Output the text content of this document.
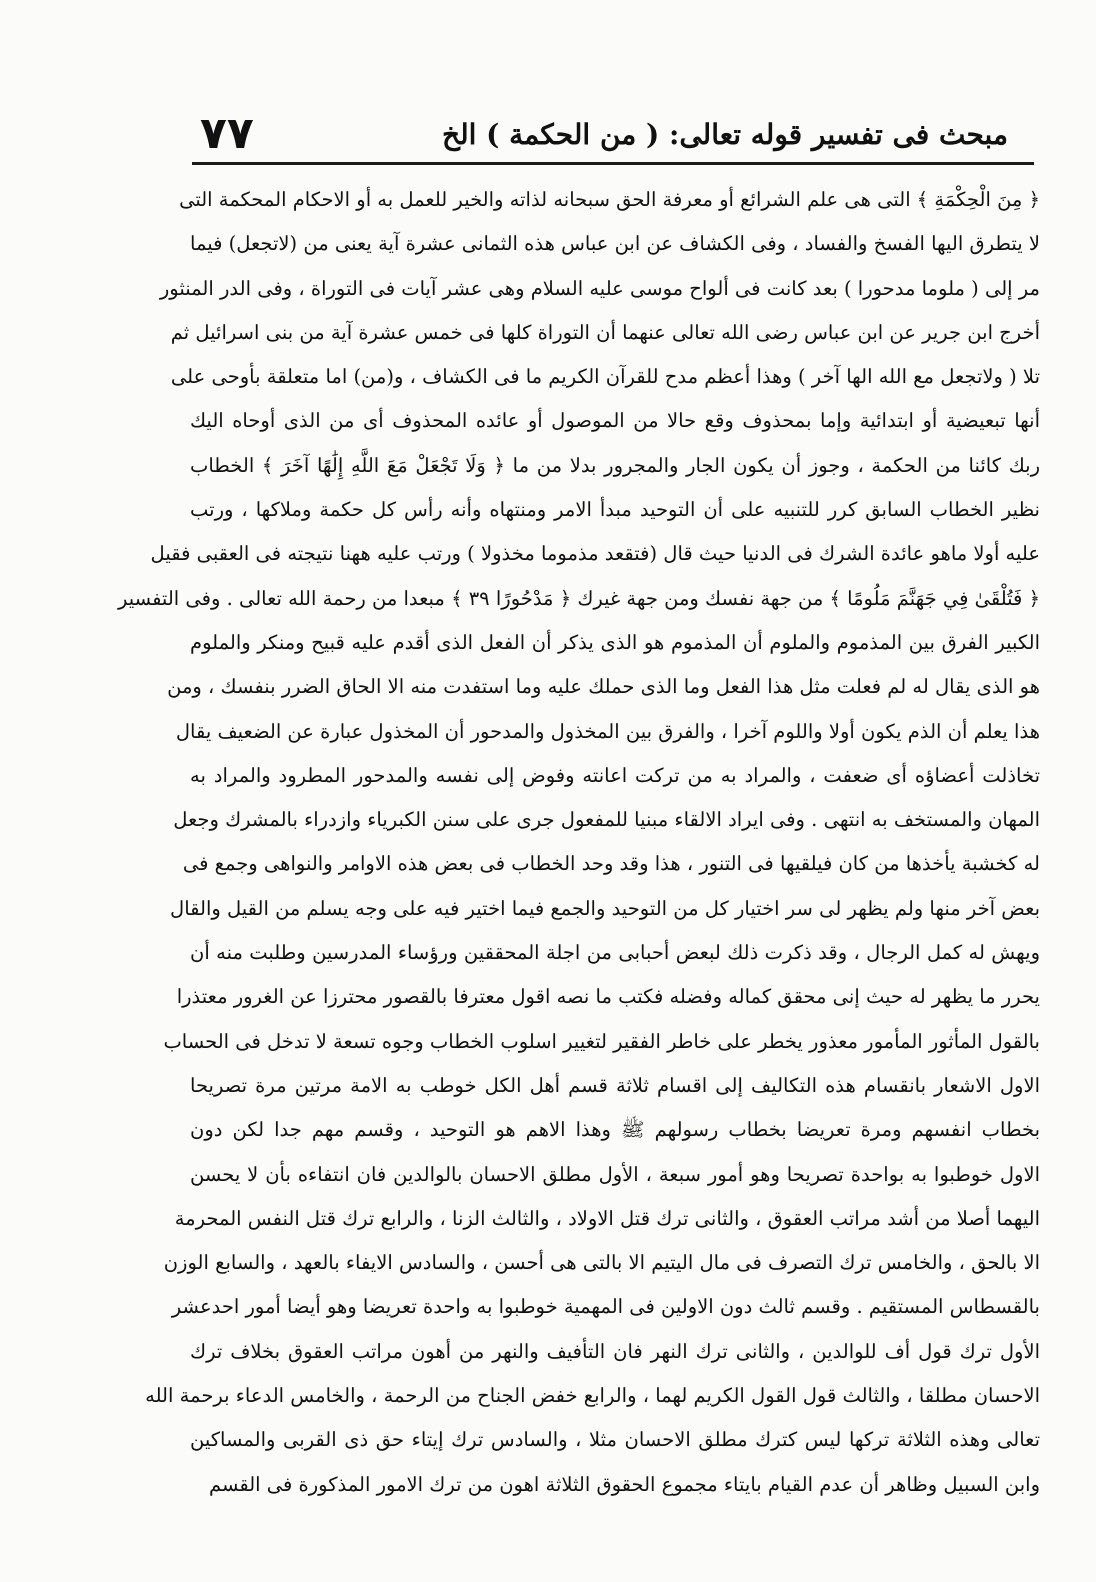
مبحث فى تفسير قوله تعالى: ( من الحكمة ) الخ
٧٧
﴿ مِنَ الْحِكْمَةِ ﴾ التى هى علم الشرائع أو معرفة الحق سبحانه لذاته والخير للعمل به أو الاحكام المحكمة التى
لا يتطرق اليها الفسخ والفساد ، وفى الكشاف عن ابن عباس هذه الثمانى عشرة آية يعنى من (لاتجعل) فيما
مر إلى ( ملوما مدحورا ) بعد كانت فى ألواح موسى عليه السلام وهى عشر آيات فى التوراة ، وفى الدر المنثور
أخرج ابن جرير عن ابن عباس رضى الله تعالى عنهما أن التوراة كلها فى خمس عشرة آية من بنى اسرائيل ثم
تلا ( ولاتجعل مع الله الها آخر ) وهذا أعظم مدح للقرآن الكريم ما فى الكشاف ، و(من) اما متعلقة بأوحى على
أنها تبعيضية أو ابتدائية وإما بمحذوف وقع حالا من الموصول أو عائده المحذوف أى من الذى أوحاه اليك
ربك كائنا من الحكمة ، وجوز أن يكون الجار والمجرور بدلا من ما ﴿ وَلَا تَجْعَلْ مَعَ اللَّهِ إِلَٰهًا آخَرَ ﴾ الخطاب
نظير الخطاب السابق كرر للتنبيه على أن التوحيد مبدأ الامر ومنتهاه وأنه رأس كل حكمة وملاكها ، ورتب
عليه أولا ماهو عائدة الشرك فى الدنيا حيث قال (فتقعد مذموما مخذولا ) ورتب عليه ههنا نتيجته فى العقبى فقيل
﴿ فَتُلْقَىٰ فِي جَهَنَّمَ مَلُومًا ﴾ من جهة نفسك ومن جهة غيرك ﴿ مَدْحُورًا ٣٩ ﴾ مبعدا من رحمة الله تعالى . وفى التفسير
الكبير الفرق بين المذموم والملوم أن المذموم هو الذى يذكر أن الفعل الذى أقدم عليه قبيح ومنكر والملوم
هو الذى يقال له لم فعلت مثل هذا الفعل وما الذى حملك عليه وما استفدت منه الا الحاق الضرر بنفسك ، ومن
هذا يعلم أن الذم يكون أولا واللوم آخرا ، والفرق بين المخذول والمدحور أن المخذول عبارة عن الضعيف يقال
تخاذلت أعضاؤه أى ضعفت ، والمراد به من تركت اعانته وفوض إلى نفسه والمدحور المطرود والمراد به
المهان والمستخف به انتهى . وفى ايراد الالقاء مبنيا للمفعول جرى على سنن الكبرياء وازدراء بالمشرك وجعل
له كخشبة يأخذها من كان فيلقيها فى التنور ، هذا وقد وحد الخطاب فى بعض هذه الاوامر والنواهى وجمع فى
بعض آخر منها ولم يظهر لى سر اختيار كل من التوحيد والجمع فيما اختير فيه على وجه يسلم من القيل والقال
ويهش له كمل الرجال ، وقد ذكرت ذلك لبعض أحبابى من اجلة المحققين ورؤساء المدرسين وطلبت منه أن
يحرر ما يظهر له حيث إنى محقق كماله وفضله فكتب ما نصه اقول معترفا بالقصور محترزا عن الغرور معتذرا
بالقول المأثور المأمور معذور يخطر على خاطر الفقير لتغيير اسلوب الخطاب وجوه تسعة لا تدخل فى الحساب
الاول الاشعار بانقسام هذه التكاليف إلى اقسام ثلاثة قسم أهل الكل خوطب به الامة مرتين مرة تصريحا
بخطاب انفسهم ومرة تعريضا بخطاب رسولهم ﷺ وهذا الاهم هو التوحيد ، وقسم مهم جدا لكن دون
الاول خوطبوا به بواحدة تصريحا وهو أمور سبعة ، الأول مطلق الاحسان بالوالدين فان انتفاءه بأن لا يحسن
اليهما أصلا من أشد مراتب العقوق ، والثانى ترك قتل الاولاد ، والثالث الزنا ، والرابع ترك قتل النفس المحرمة
الا بالحق ، والخامس ترك التصرف فى مال اليتيم الا بالتى هى أحسن ، والسادس الايفاء بالعهد ، والسابع الوزن
بالقسطاس المستقيم . وقسم ثالث دون الاولين فى المهمية خوطبوا به واحدة تعريضا وهو أيضا أمور احدعشر
الأول ترك قول أف للوالدين ، والثانى ترك النهر فان التأفيف والنهر من أهون مراتب العقوق بخلاف ترك
الاحسان مطلقا ، والثالث قول القول الكريم لهما ، والرابع خفض الجناح من الرحمة ، والخامس الدعاء برحمة الله
تعالى وهذه الثلاثة تركها ليس كترك مطلق الاحسان مثلا ، والسادس ترك إيتاء حق ذى القربى والمساكين
وابن السبيل وظاهر أن عدم القيام بايتاء مجموع الحقوق الثلاثة اهون من ترك الامور المذكورة فى القسم
